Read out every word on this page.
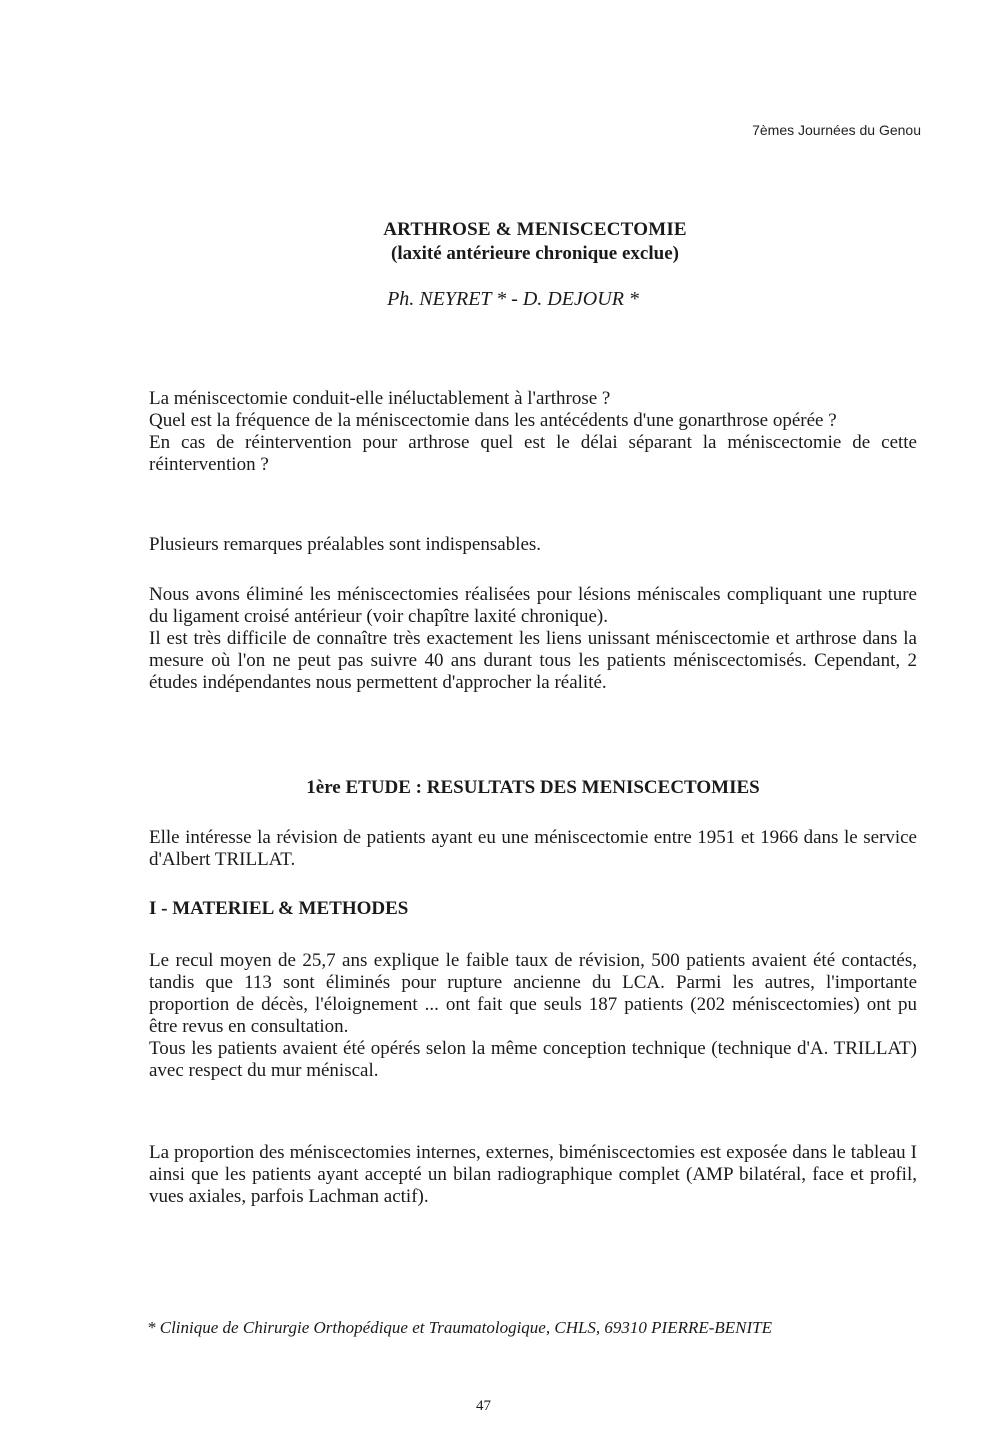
7èmes Journées du Genou
ARTHROSE & MENISCECTOMIE
(laxité antérieure chronique exclue)
Ph. NEYRET * - D. DEJOUR *

La méniscectomie conduit-elle inéluctablement à l'arthrose ?

Quel est la fréquence de la méniscectomie dans les antécédents d'une gonarthrose opérée ?

En cas de réintervention pour arthrose quel est le délai séparant la méniscectomie de cette réintervention ?

Plusieurs remarques préalables sont indispensables.

Nous avons éliminé les méniscectomies réalisées pour lésions méniscales compliquant une rupture du ligament croisé antérieur (voir chapître laxité chronique).

Il est très difficile de connaître très exactement les liens unissant méniscectomie et arthrose dans la mesure où l'on ne peut pas suivre 40 ans durant tous les patients méniscectomisés. Cependant, 2 études indépendantes nous permettent d'approcher la réalité.

1ère ETUDE : RESULTATS DES MENISCECTOMIES

Elle intéresse la révision de patients ayant eu une méniscectomie entre 1951 et 1966 dans le service d'Albert TRILLAT.

I - MATERIEL & METHODES

Le recul moyen de 25,7 ans explique le faible taux de révision, 500 patients avaient été contactés, tandis que 113 sont éliminés pour rupture ancienne du LCA. Parmi les autres, l'importante proportion de décès, l'éloignement ... ont fait que seuls 187 patients (202 méniscectomies) ont pu être revus en consultation.

Tous les patients avaient été opérés selon la même conception technique (technique d'A. TRILLAT) avec respect du mur méniscal.

La proportion des méniscectomies internes, externes, biméniscectomies est exposée dans le tableau I ainsi que les patients ayant accepté un bilan radiographique complet (AMP bilatéral, face et profil, vues axiales, parfois Lachman actif).

* Clinique de Chirurgie Orthopédique et Traumatologique, CHLS, 69310 PIERRE-BENITE
47
